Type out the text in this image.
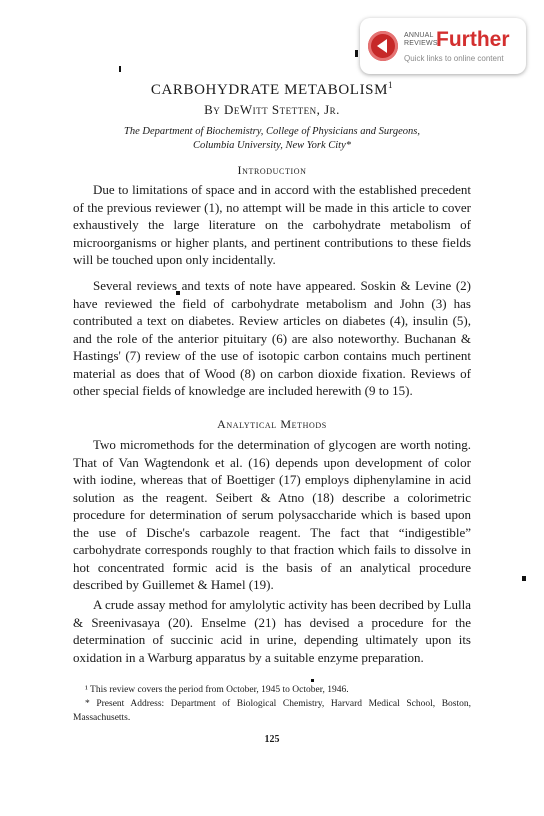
ANNUAL REVIEWS
Further
Quick links to online content
CARBOHYDRATE METABOLISM$^1$
By DeWitt Stetten, Jr.
The Department of Biochemistry, College of Physicians and Surgeons,
Columbia University, New York City*
Introduction
Due to limitations of space and in accord with the established precedent of the previous reviewer (1), no attempt will be made in this article to cover exhaustively the large literature on the carbohydrate metabolism of microorganisms or higher plants, and pertinent contributions to these fields will be touched upon only incidentally.
Several reviews and texts of note have appeared. Soskin & Levine (2) have reviewed the field of carbohydrate metabolism and John (3) has contributed a text on diabetes. Review articles on diabetes (4), insulin (5), and the role of the anterior pituitary (6) are also noteworthy. Buchanan & Hastings' (7) review of the use of isotopic carbon contains much pertinent material as does that of Wood (8) on carbon dioxide fixation. Reviews of other special fields of knowledge are included herewith (9 to 15).
Analytical Methods
Two micromethods for the determination of glycogen are worth noting. That of Van Wagtendonk et al. (16) depends upon development of color with iodine, whereas that of Boettiger (17) employs diphenylamine in acid solution as the reagent. Seibert & Atno (18) describe a colorimetric procedure for determination of serum polysaccharide which is based upon the use of Dische's carbazole reagent. The fact that “indigestible” carbohydrate corresponds roughly to that fraction which fails to dissolve in hot concentrated formic acid is the basis of an analytical procedure described by Guillemet & Hamel (19).
A crude assay method for amylolytic activity has been decribed by Lulla & Sreenivasaya (20). Enselme (21) has devised a procedure for the determination of succinic acid in urine, depending ultimately upon its oxidation in a Warburg apparatus by a suitable enzyme preparation.
¹ This review covers the period from October, 1945 to October, 1946.
* Present Address: Department of Biological Chemistry, Harvard Medical School, Boston, Massachusetts.
125
